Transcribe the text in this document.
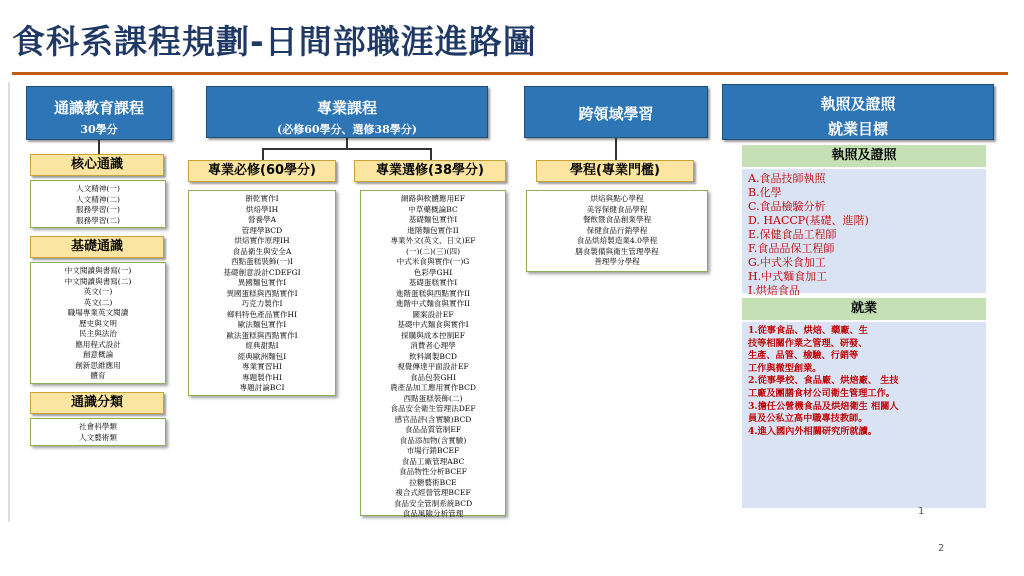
食科系課程規劃-日間部職涯進路圖
通識教育課程
30學分
核心通識
人文精神(一)
人文精神(二)
服務學習(一)
服務學習(二)
基礎通識
中文閱讀與書寫(一)
中文閱讀與書寫(二)
英文(一)
英文(二)
職場專業英文閱讀
歷史與文明
民主與法治
應用程式設計
創意概論
創新思維應用
體育
通識分類
社會科學類
人文藝術類
專業課程
(必修60學分、選修38學分)
專業必修(60學分)
餅乾實作I
烘焙學IH
營養學A
管理學BCD
烘焙實作原理IH
食品衛生與安全A
西點蛋糕裝飾(一)I
基礎創意設計CDEFGI
異國麵包實作I
異國蛋糕與西點實作I
巧克力製作I
鄉料特色產品實作HI
歐法麵包實作I
歐法蛋糕與西點實作I
經典甜點I
經典歐洲麵包I
專業實習HI
專題製作HI
專題討論BCI
專業選修(38學分)
網路與軟體應用EF
中草藥概論BC
基礎麵包實作I
進階麵包實作II
專業外文(英文、日文)EF
(一)(二)(三)(四)
中式米食與實作(一)G
色彩學GHI
基礎蛋糕實作I
進階蛋糕與西點實作II
進階中式麵食與實作II
圖案設計EF
基礎中式麵食與實作I
採購與成本控制EF
消費者心理學
飲料調製BCD
視覺傳達平面設計EF
食品包裝GHI
農產品加工應用實作BCD
西點蛋糕裝飾(二)
食品安全衛生管理法DEF
感官品評(含實驗)BCD
食品品質管制EF
食品添加物(含實驗)
市場行銷BCEF
食品工廠管理ABC
食品物性分析BCEF
拉糖藝術BCE
複合式經營管理BCEF
食品安全管制系統BCD
食品風險分析管理
跨領域學習
學程(專業門檻)
烘焙與點心學程
美容保健食品學程
餐飲暨食品創業學程
保健食品行銷學程
食品烘焙製造業4.0學程
膳食製備與衛生管理學程
善理學分學程
執照及證照
就業目標
執照及證照
A.食品技師執照
B.化學
C.食品檢驗分析
D. HACCP(基礎、進階)
E.保健食品工程師
F.食品品保工程師
G.中式米食加工
H.中式麵食加工
I.烘焙食品
就業
1.從事食品、烘焙、藥廠、生
技等相關作業之管理、研發、
生產、品管、檢驗、行銷等
工作與微型創業。
2.從事學校、食品廠、烘焙廠、 生技
工廠及團膳食材公司衛生管理工作。
3.擔任公營機食品及烘焙衛生 相關人
員及公私立高中職專技教師。
4.進入國內外相關研究所就讀。
1
2
